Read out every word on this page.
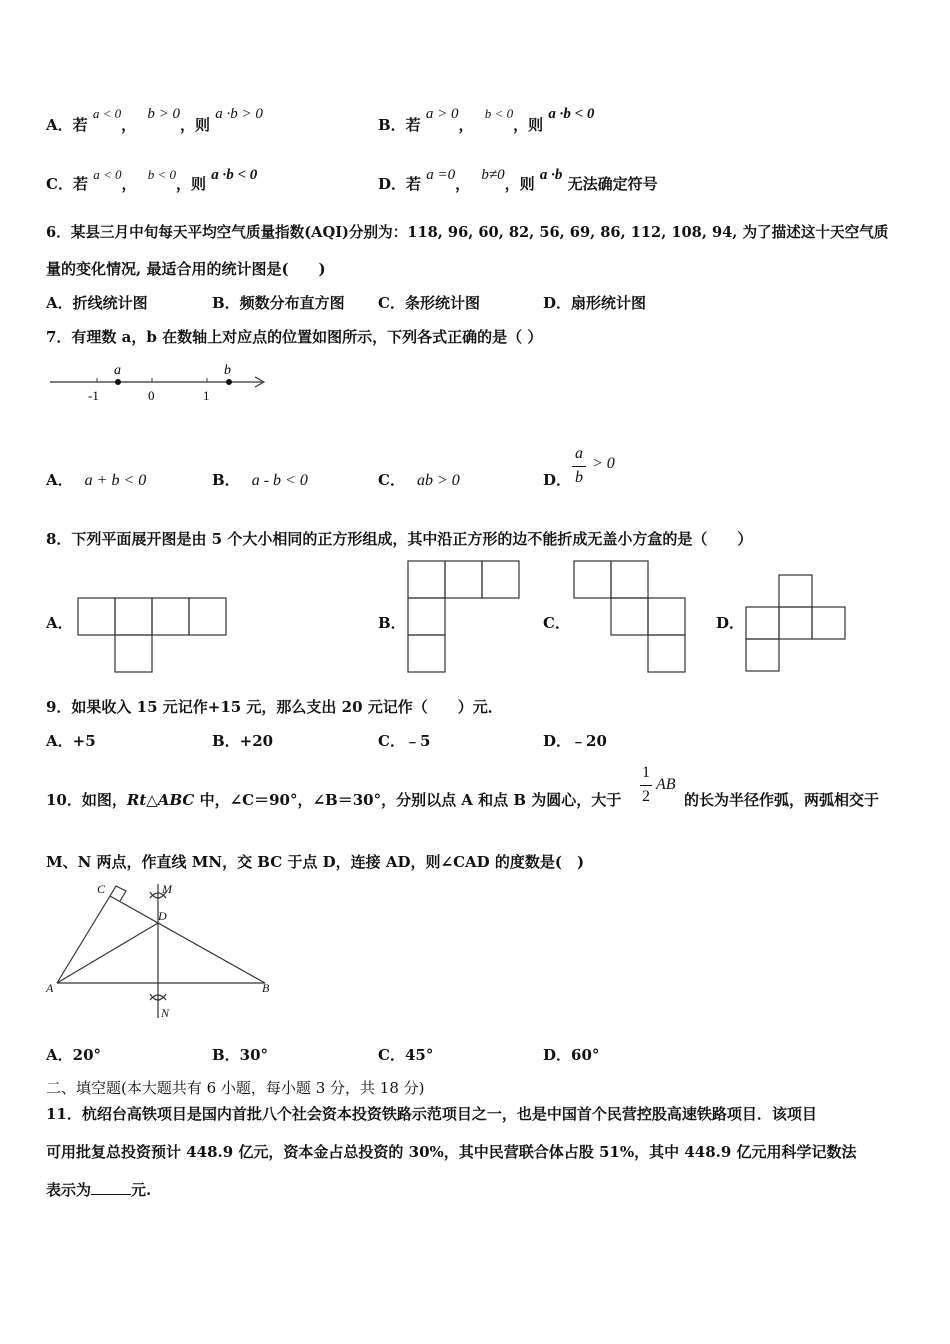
A．若 a < 0， b > 0，则 a ·b > 0
B．若 a > 0， b < 0，则 a ·b < 0
C．若 a < 0， b < 0，则 a ·b < 0	D．若 a =0， b≠0，则 a ·b 无法确定符号
6．某县三月中旬每天平均空气质量指数(AQI)分别为：118, 96, 60, 82, 56, 69, 86, 112, 108, 94, 为了描述这十天空气质
量的变化情况, 最适合用的统计图是(　　)
A．折线统计图	B．频数分布直方图 C．条形统计图	D．扇形统计图
7．有理数 a，b 在数轴上对应点的位置如图所示，下列各式正确的是（ ）
a	b
-1	0	1
A． a + b < 0	B． a - b < 0	C． ab > 0	D．
a
b
> 0
8．下列平面展开图是由 5 个大小相同的正方形组成，其中沿正方形的边不能折成无盖小方盒的是（　　）
A．	B．	C．	D．
9．如果收入 15 元记作+15 元，那么支出 20 元记作（　　）元．
A．+5	B．+20	C．﹣5	D．﹣20
10．如图，Rt△ABC 中，∠C＝90°，∠B＝30°，分别以点 A 和点 B 为圆心，大于
1
2
AB
的长为半径作弧，两弧相交于
M、N 两点，作直线 MN，交 BC 于点 D，连接 AD，则∠CAD 的度数是(　)
C	M
D
A	B
N
A．20°	B．30°	C．45°	D．60°
二、填空题(本大题共有 6 小题，每小题 3 分，共 18 分)
11．杭绍台高铁项目是国内首批八个社会资本投资铁路示范项目之一，也是中国首个民营控股高速铁路项目．该项目
可用批复总投资预计 448.9 亿元，资本金占总投资的 30%，其中民营联合体占股 51%，其中 448.9 亿元用科学记数法
表示为	元.
